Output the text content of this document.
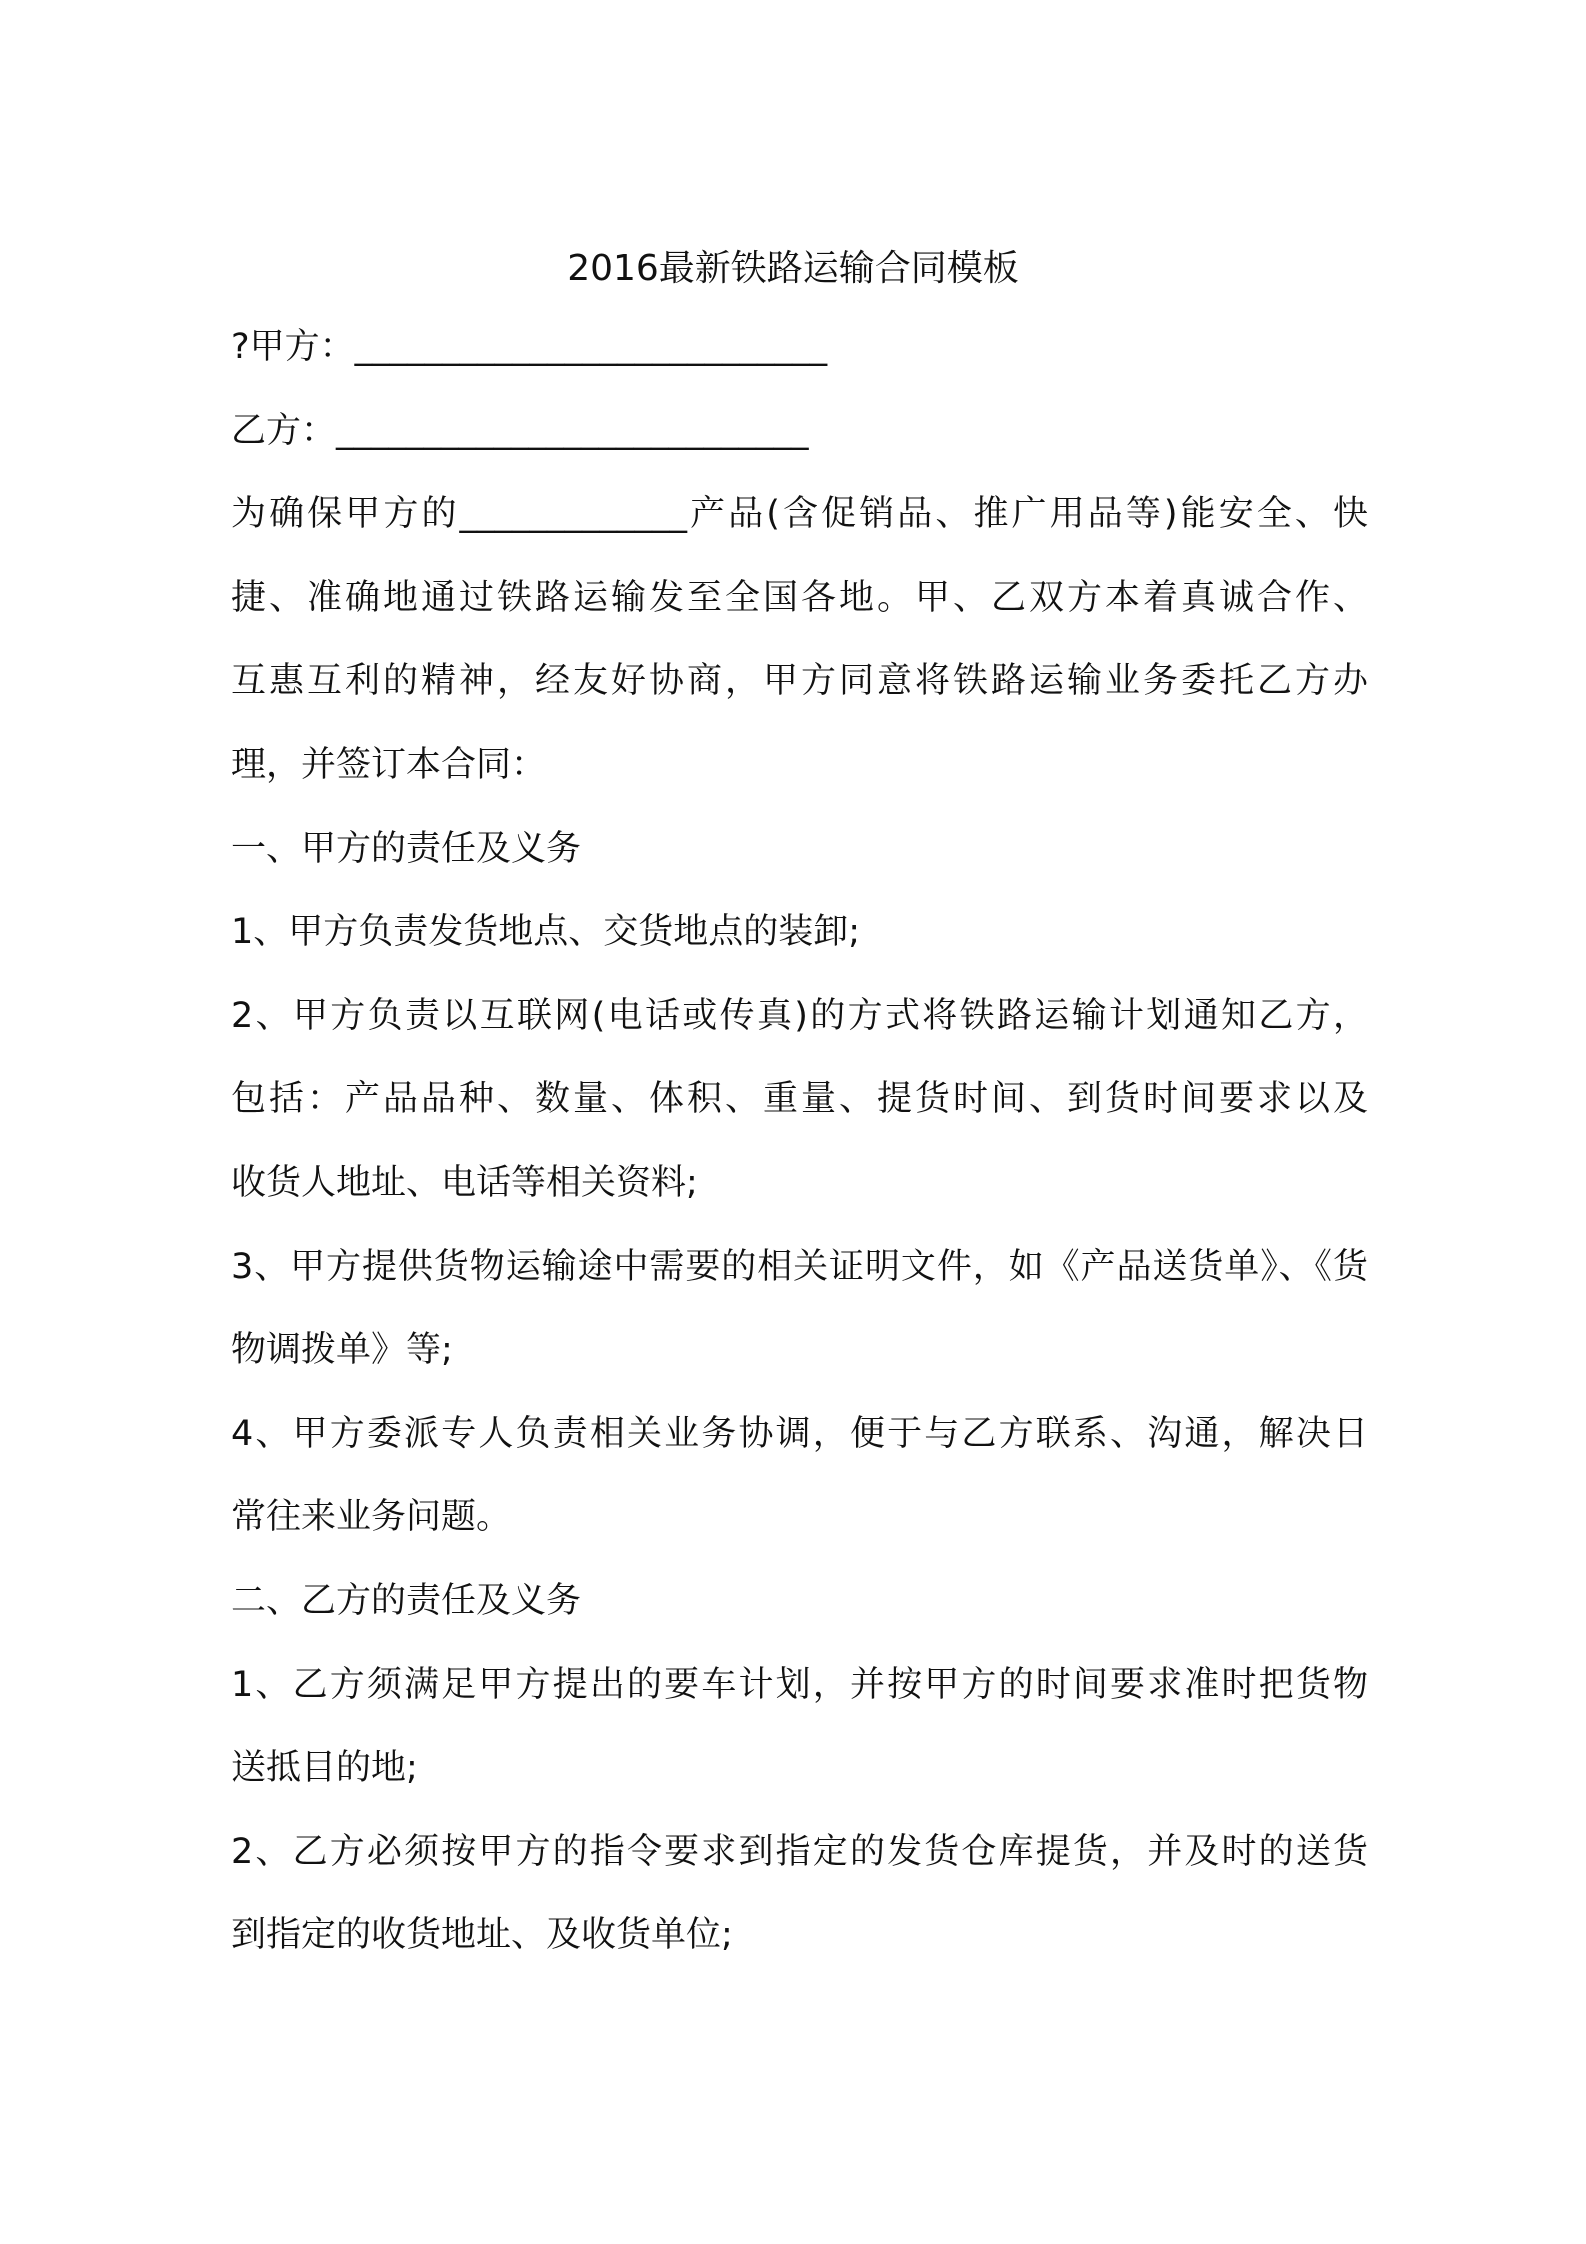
2016最新铁路运输合同模板
?甲方：___________________________
乙方：___________________________
为确保甲方的_____________产品(含促销品、推广用品等)能安全、快
捷、准确地通过铁路运输发至全国各地。甲、乙双方本着真诚合作、
互惠互利的精神，经友好协商，甲方同意将铁路运输业务委托乙方办
理，并签订本合同：
一、甲方的责任及义务
1、甲方负责发货地点、交货地点的装卸;
2、甲方负责以互联网(电话或传真)的方式将铁路运输计划通知乙方，
包括：产品品种、数量、体积、重量、提货时间、到货时间要求以及
收货人地址、电话等相关资料;
3、甲方提供货物运输途中需要的相关证明文件，如《产品送货单》、《货
物调拨单》等;
4、甲方委派专人负责相关业务协调，便于与乙方联系、沟通，解决日
常往来业务问题。
二、乙方的责任及义务
1、乙方须满足甲方提出的要车计划，并按甲方的时间要求准时把货物
送抵目的地;
2、乙方必须按甲方的指令要求到指定的发货仓库提货，并及时的送货
到指定的收货地址、及收货单位;
